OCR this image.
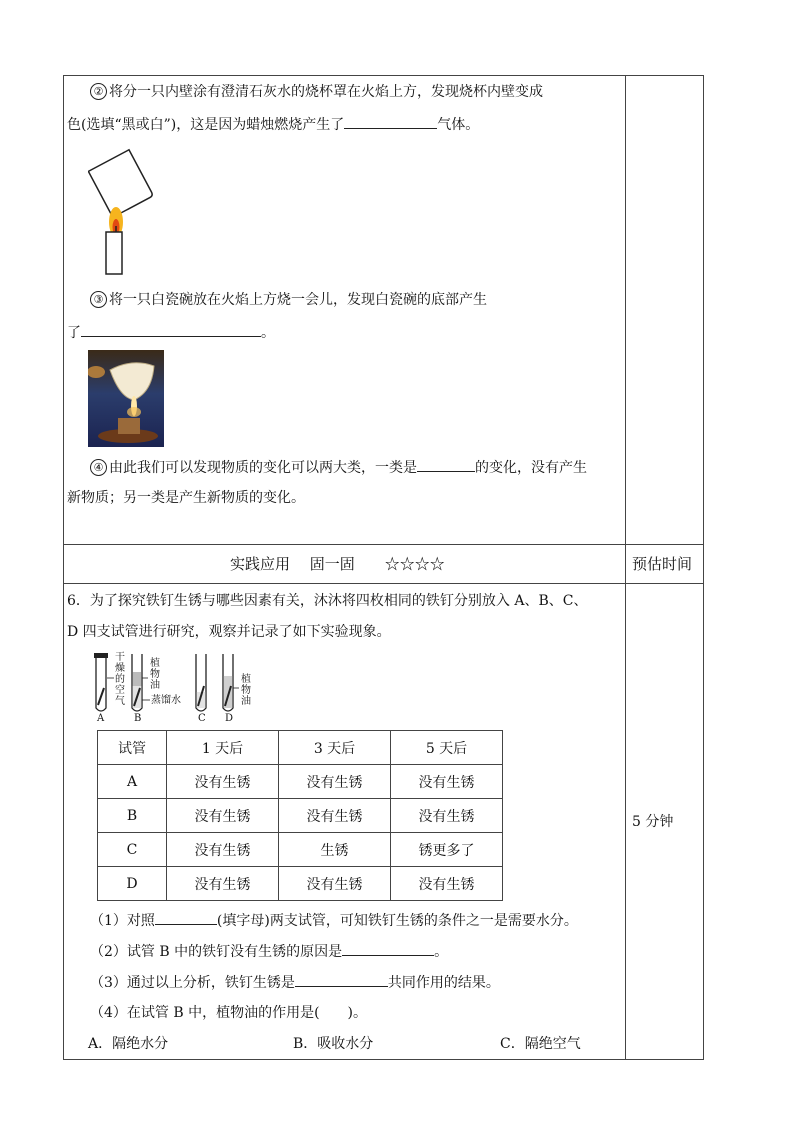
② 将分一只内壁涂有澄清石灰水的烧杯罩在火焰上方，发现烧杯内壁变成
色(选填“黑或白”)，这是因为蜡烛燃烧产生了	气体。
③ 将一只白瓷碗放在火焰上方烧一会儿，发现白瓷碗的底部产生
了	。
④ 由此我们可以发现物质的变化可以两大类，一类是	的变化，没有产生
新物质；另一类是产生新物质的变化。
实践应用　 固一固　　☆☆☆☆	预估时间
6．为了探究铁钉生锈与哪些因素有关，沐沐将四枚相同的铁钉分别放入 A、B、C、
D 四支试管进行研究，观察并记录了如下实验现象。
干
燥
的
空
气
植
物
油
蒸馏水
植
物
油
A	B	C D
试管	1 天后	3 天后	5 天后
A	没有生锈	没有生锈	没有生锈
B	没有生锈	没有生锈	没有生锈
C	没有生锈	生锈	锈更多了
D	没有生锈	没有生锈	没有生锈
（1）对照	(填字母)两支试管，可知铁钉生锈的条件之一是需要水分。
（2）试管 B 中的铁钉没有生锈的原因是	。
（3）通过以上分析，铁钉生锈是	共同作用的结果。
（4）在试管 B 中，植物油的作用是(　　)。
A．隔绝水分	B．吸收水分	C．隔绝空气
5 分钟
